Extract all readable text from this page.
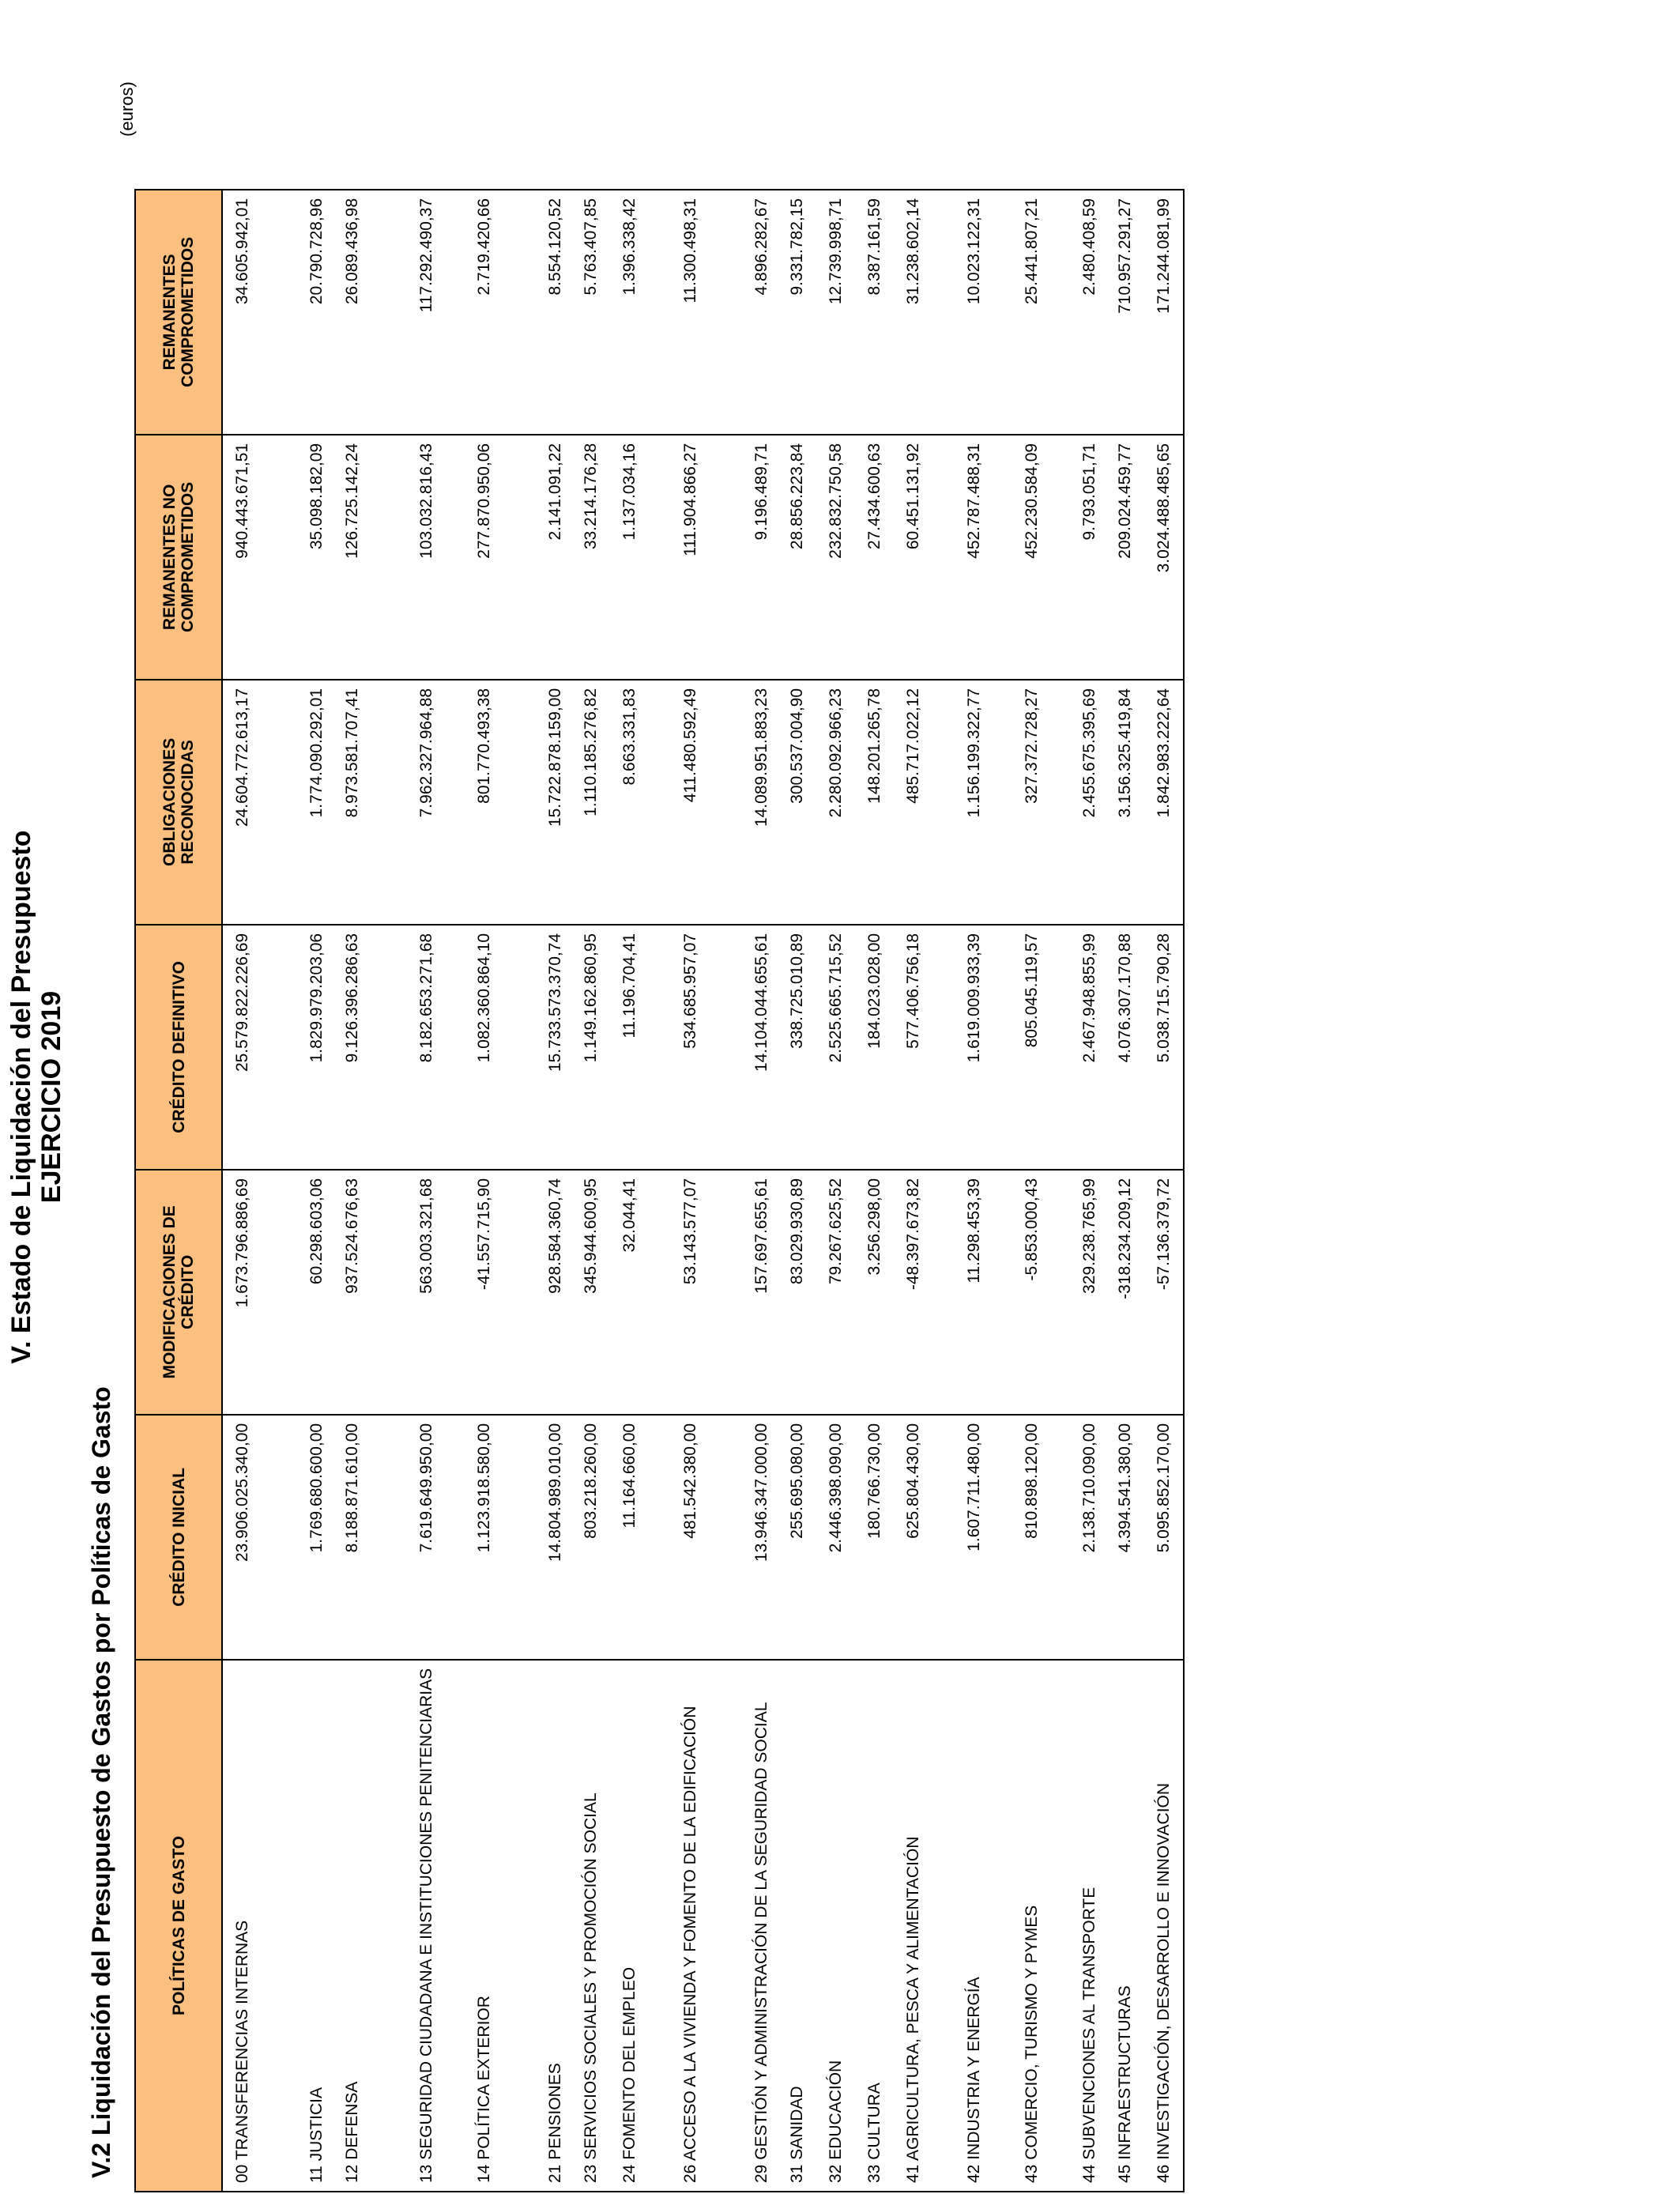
V. Estado de Liquidación del Presupuesto EJERCICIO 2019
V.2 Liquidación del Presupuesto de Gastos por Políticas de Gasto
(euros)
POLÍTICAS DE GASTO	CRÉDITO INICIAL	MODIFICACIONES DE CRÉDITO	CRÉDITO DEFINITIVO	OBLIGACIONES RECONOCIDAS	REMANENTES NO COMPROMETIDOS	REMANENTES COMPROMETIDOS
00 TRANSFERENCIAS INTERNAS	23.906.025.340,00	1.673.796.886,69	25.579.822.226,69	24.604.772.613,17	940.443.671,51	34.605.942,01
11 JUSTICIA	1.769.680.600,00	60.298.603,06	1.829.979.203,06	1.774.090.292,01	35.098.182,09	20.790.728,96
12 DEFENSA	8.188.871.610,00	937.524.676,63	9.126.396.286,63	8.973.581.707,41	126.725.142,24	26.089.436,98
13 SEGURIDAD CIUDADANA E INSTITUCIONES PENITENCIARIAS	7.619.649.950,00	563.003.321,68	8.182.653.271,68	7.962.327.964,88	103.032.816,43	117.292.490,37
14 POLÍTICA EXTERIOR	1.123.918.580,00	-41.557.715,90	1.082.360.864,10	801.770.493,38	277.870.950,06	2.719.420,66
21 PENSIONES	14.804.989.010,00	928.584.360,74	15.733.573.370,74	15.722.878.159,00	2.141.091,22	8.554.120,52
23 SERVICIOS SOCIALES Y PROMOCIÓN SOCIAL	803.218.260,00	345.944.600,95	1.149.162.860,95	1.110.185.276,82	33.214.176,28	5.763.407,85
24 FOMENTO DEL EMPLEO	11.164.660,00	32.044,41	11.196.704,41	8.663.331,83	1.137.034,16	1.396.338,42
26 ACCESO A LA VIVIENDA Y FOMENTO DE LA EDIFICACIÓN	481.542.380,00	53.143.577,07	534.685.957,07	411.480.592,49	111.904.866,27	11.300.498,31
29 GESTIÓN Y ADMINISTRACIÓN DE LA SEGURIDAD SOCIAL	13.946.347.000,00	157.697.655,61	14.104.044.655,61	14.089.951.883,23	9.196.489,71	4.896.282,67
31 SANIDAD	255.695.080,00	83.029.930,89	338.725.010,89	300.537.004,90	28.856.223,84	9.331.782,15
32 EDUCACIÓN	2.446.398.090,00	79.267.625,52	2.525.665.715,52	2.280.092.966,23	232.832.750,58	12.739.998,71
33 CULTURA	180.766.730,00	3.256.298,00	184.023.028,00	148.201.265,78	27.434.600,63	8.387.161,59
41 AGRICULTURA, PESCA Y ALIMENTACIÓN	625.804.430,00	-48.397.673,82	577.406.756,18	485.717.022,12	60.451.131,92	31.238.602,14
42 INDUSTRIA Y ENERGÍA	1.607.711.480,00	11.298.453,39	1.619.009.933,39	1.156.199.322,77	452.787.488,31	10.023.122,31
43 COMERCIO, TURISMO Y PYMES	810.898.120,00	-5.853.000,43	805.045.119,57	327.372.728,27	452.230.584,09	25.441.807,21
44 SUBVENCIONES AL TRANSPORTE	2.138.710.090,00	329.238.765,99	2.467.948.855,99	2.455.675.395,69	9.793.051,71	2.480.408,59
45 INFRAESTRUCTURAS	4.394.541.380,00	-318.234.209,12	4.076.307.170,88	3.156.325.419,84	209.024.459,77	710.957.291,27
46 INVESTIGACIÓN, DESARROLLO E INNOVACIÓN	5.095.852.170,00	-57.136.379,72	5.038.715.790,28	1.842.983.222,64	3.024.488.485,65	171.244.081,99
